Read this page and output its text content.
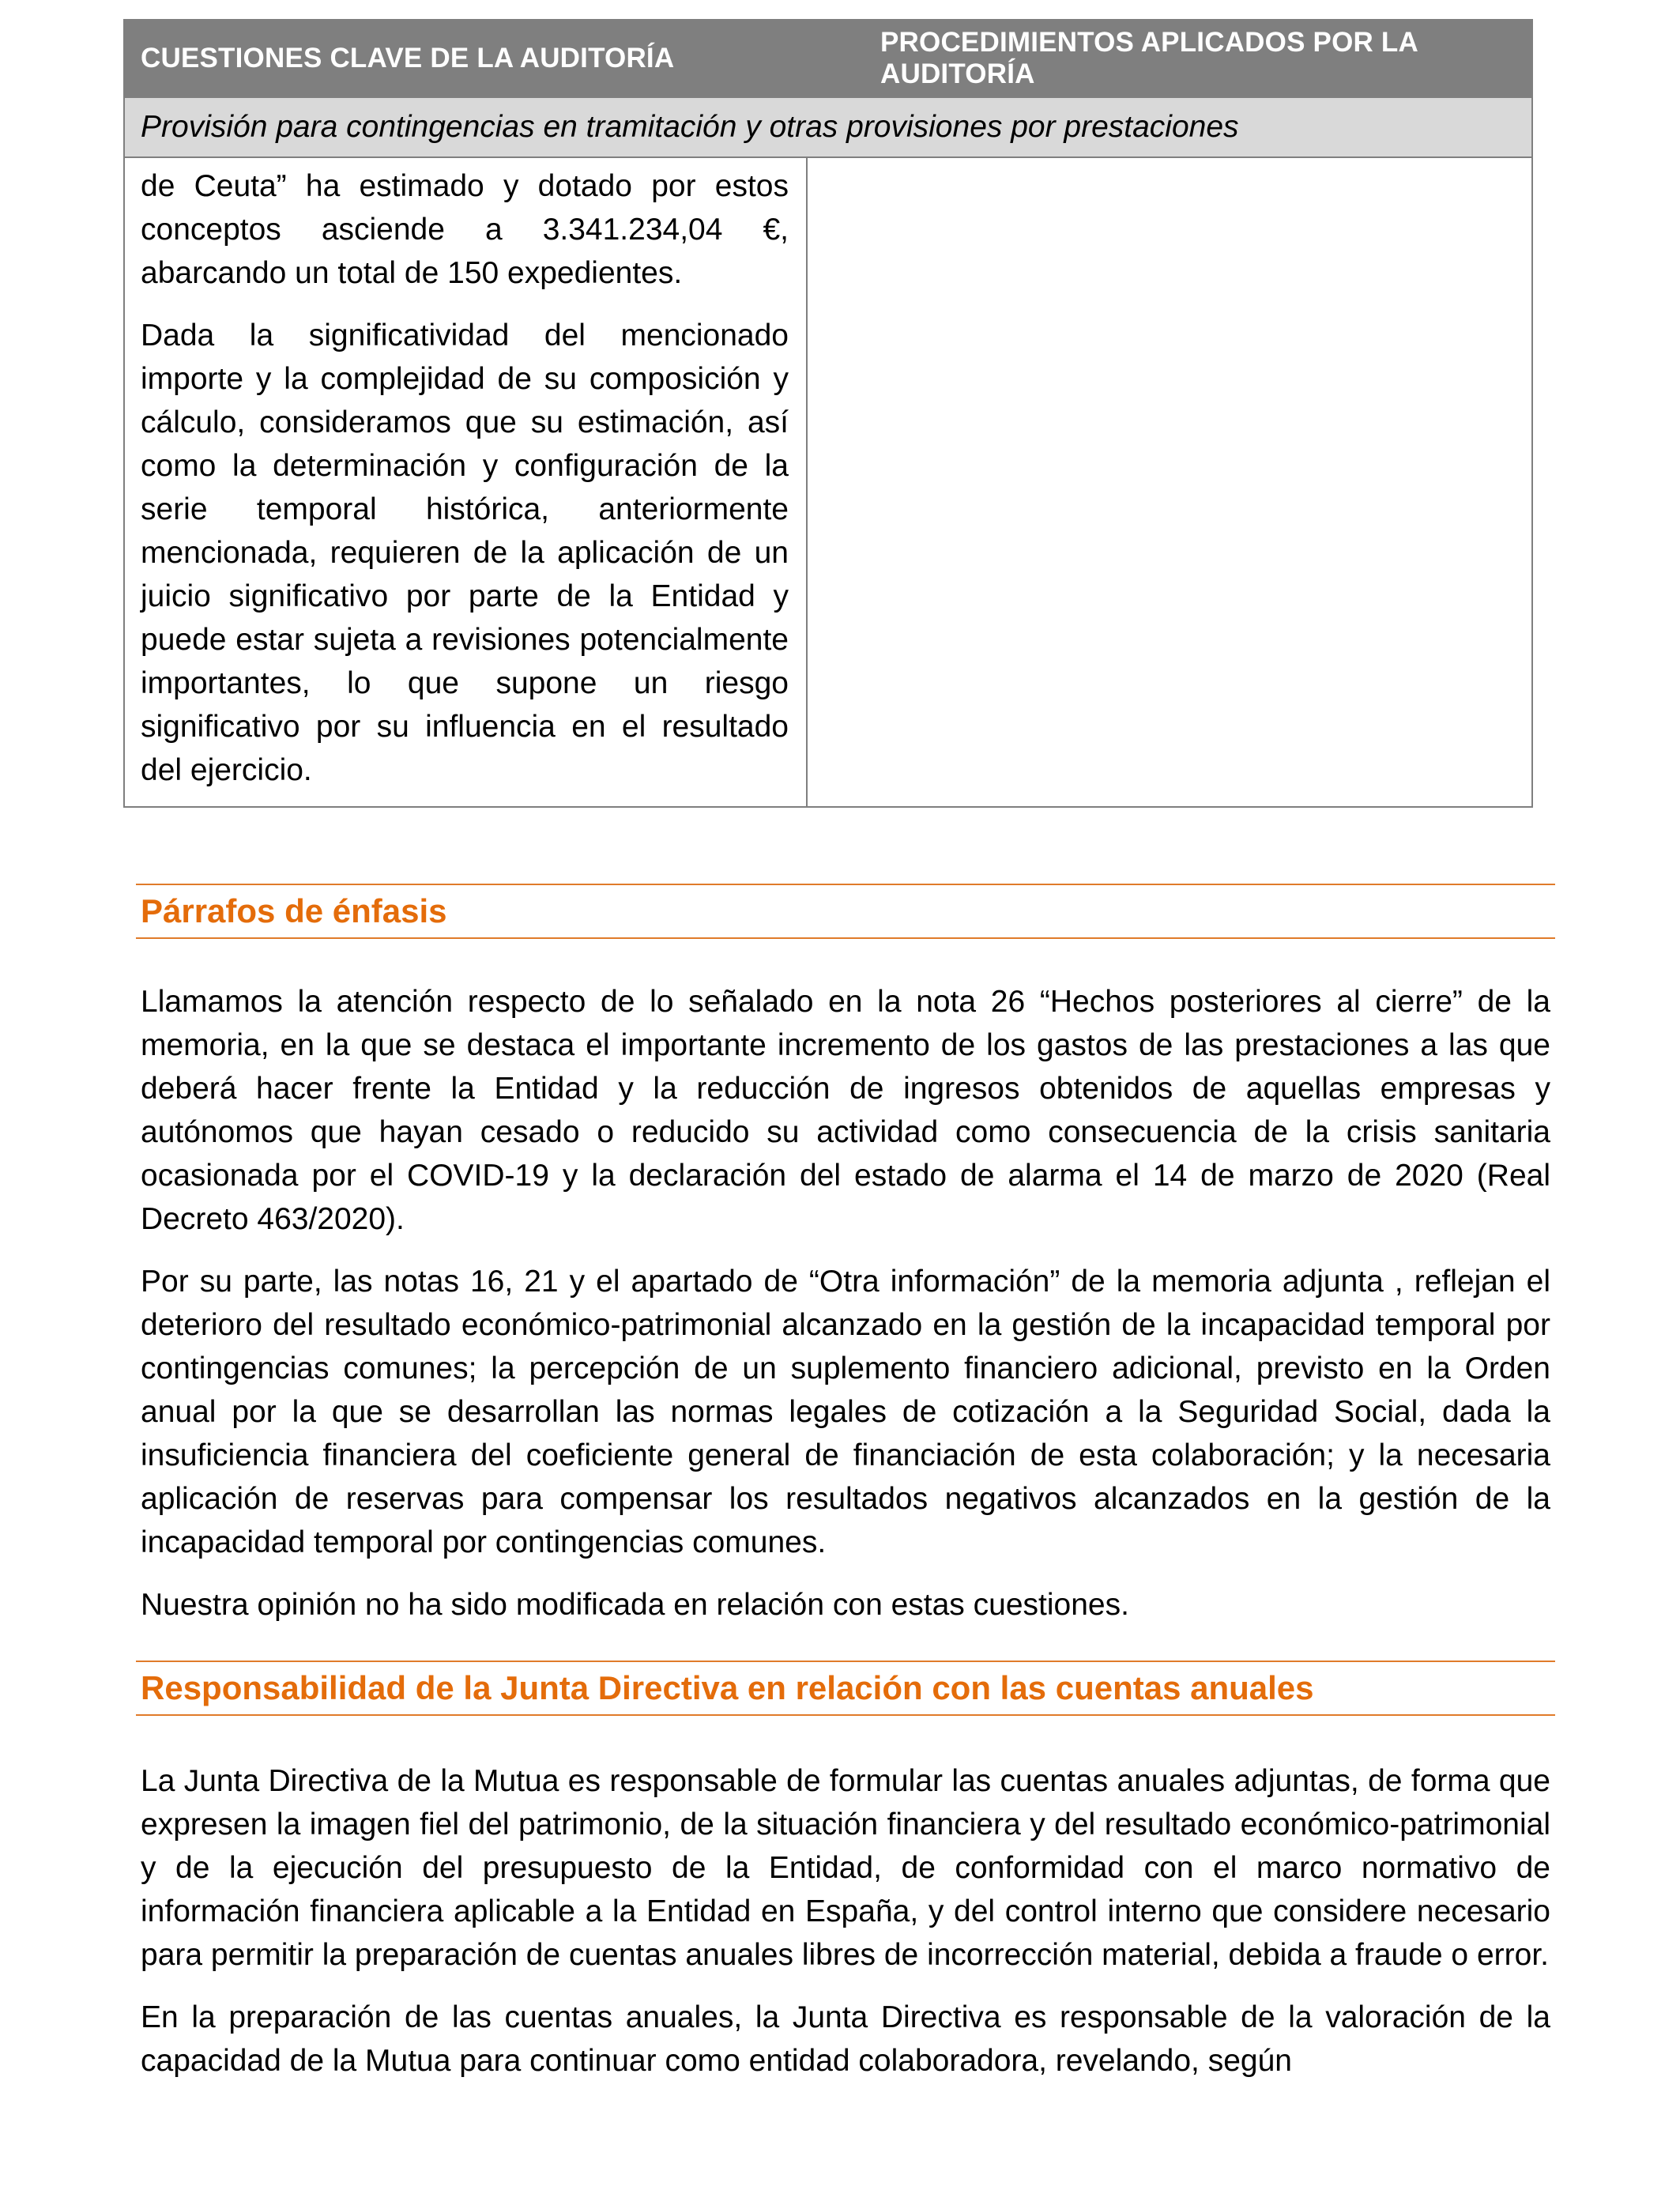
CUESTIONES CLAVE DE LA AUDITORÍA
PROCEDIMIENTOS APLICADOS POR LA AUDITORÍA
Provisión para contingencias en tramitación y otras provisiones por prestaciones

de Ceuta” ha estimado y dotado por estos conceptos asciende a 3.341.234,04 €, abarcando un total de 150 expedientes.

Dada la significatividad del mencionado importe y la complejidad de su composición y cálculo, consideramos que su estimación, así como la determinación y configuración de la serie temporal histórica, anteriormente mencionada, requieren de la aplicación de un juicio significativo por parte de la Entidad y puede estar sujeta a revisiones potencialmente importantes, lo que supone un riesgo significativo por su influencia en el resultado del ejercicio.

Párrafos de énfasis

Llamamos la atención respecto de lo señalado en la nota 26 “Hechos posteriores al cierre” de la memoria, en la que se destaca el importante incremento de los gastos de las prestaciones a las que deberá hacer frente la Entidad y la reducción de ingresos obtenidos de aquellas empresas y autónomos que hayan cesado o reducido su actividad como consecuencia de la crisis sanitaria ocasionada por el COVID-19 y la declaración del estado de alarma el 14 de marzo de 2020 (Real Decreto 463/2020).

Por su parte, las notas 16, 21 y el apartado de “Otra información” de la memoria adjunta , reflejan el deterioro del resultado económico-patrimonial alcanzado en la gestión de la incapacidad temporal por contingencias comunes; la percepción de un suplemento financiero adicional, previsto en la Orden anual por la que se desarrollan las normas legales de cotización a la Seguridad Social, dada la insuficiencia financiera del coeficiente general de financiación de esta colaboración; y la necesaria aplicación de reservas para compensar los resultados negativos alcanzados en la gestión de la incapacidad temporal por contingencias comunes.

Nuestra opinión no ha sido modificada en relación con estas cuestiones.

Responsabilidad de la Junta Directiva en relación con las cuentas anuales

La Junta Directiva de la Mutua es responsable de formular las cuentas anuales adjuntas, de forma que expresen la imagen fiel del patrimonio, de la situación financiera y del resultado económico-patrimonial y de la ejecución del presupuesto de la Entidad, de conformidad con el marco normativo de información financiera aplicable a la Entidad en España, y del control interno que considere necesario para permitir la preparación de cuentas anuales libres de incorrección material, debida a fraude o error.

En la preparación de las cuentas anuales, la Junta Directiva es responsable de la valoración de la capacidad de la Mutua para continuar como entidad colaboradora, revelando, según
